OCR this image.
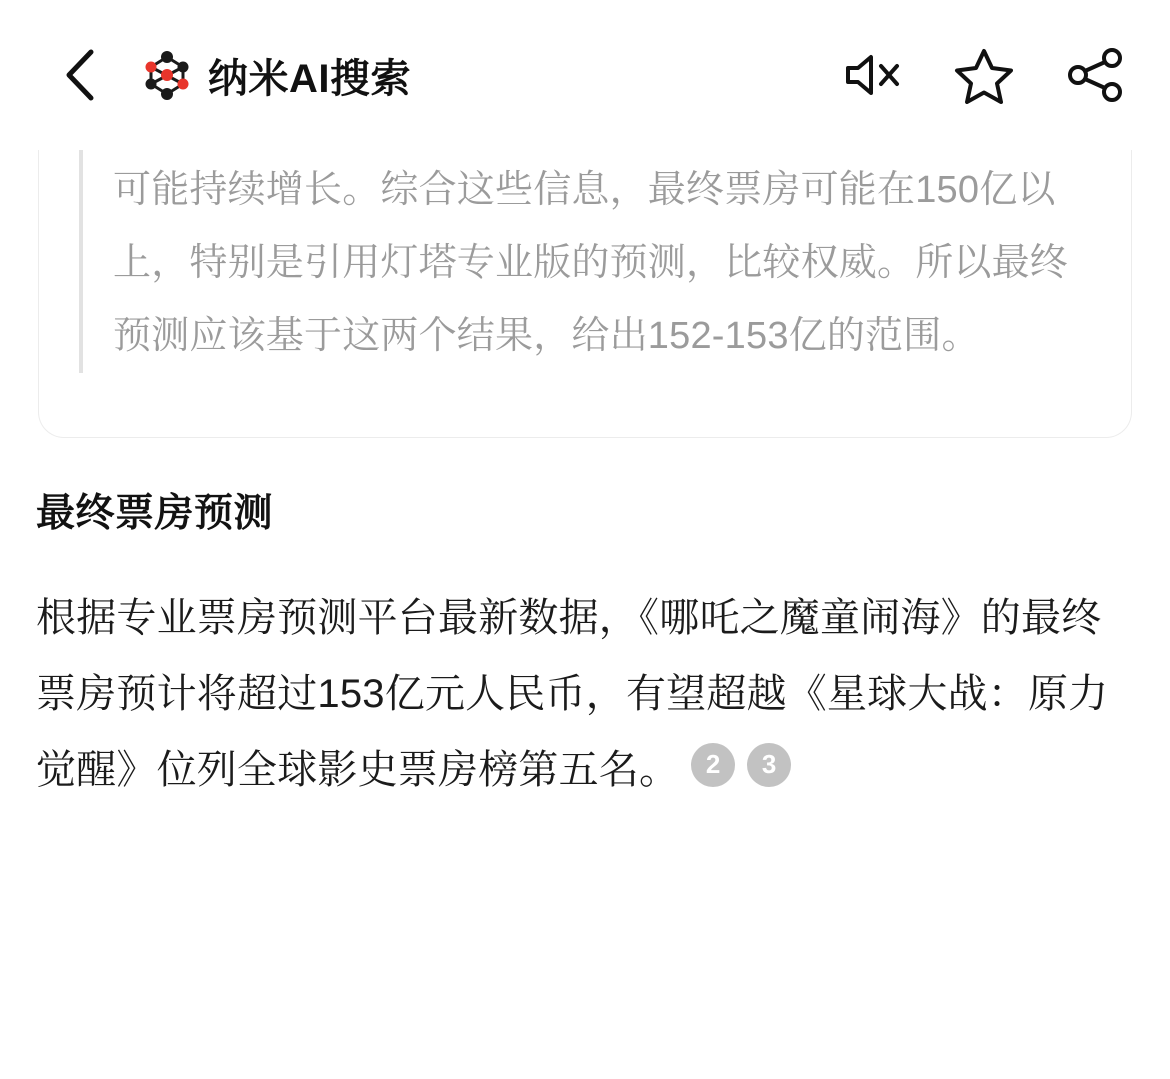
纳米AI搜索

可能持续增长。综合这些信息，最终票房可能在150亿以上，特别是引用灯塔专业版的预测，比较权威。所以最终预测应该基于这两个结果，给出152-153亿的范围。

最终票房预测

根据专业票房预测平台最新数据，《哪吒之魔童闹海》的最终票房预计将超过153亿元人民币，有望超越《星球大战：原力觉醒》位列全球影史票房榜第五名。 2 3
